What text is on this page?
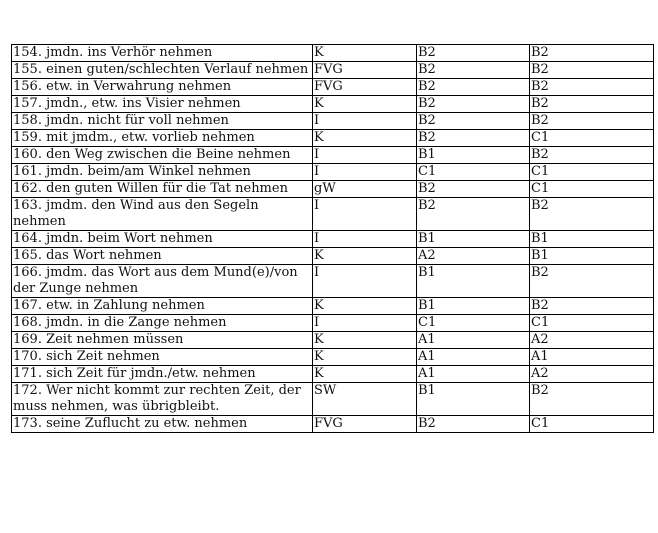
154. jmdn. ins Verhör nehmen	K	B2	B2
155. einen guten/schlechten Verlauf nehmen	FVG	B2	B2
156. etw. in Verwahrung nehmen	FVG	B2	B2
157. jmdn., etw. ins Visier nehmen	K	B2	B2
158. jmdn. nicht für voll nehmen	I	B2	B2
159. mit jmdm., etw. vorlieb nehmen	K	B2	C1
160. den Weg zwischen die Beine nehmen	I	B1	B2
161. jmdn. beim/am Winkel nehmen	I	C1	C1
162. den guten Willen für die Tat nehmen	gW	B2	C1
163. jmdm. den Wind aus den Segeln nehmen	I	B2	B2
164. jmdn. beim Wort nehmen	I	B1	B1
165. das Wort nehmen	K	A2	B1
166. jmdm. das Wort aus dem Mund(e)/von der Zunge nehmen	I	B1	B2
167. etw. in Zahlung nehmen	K	B1	B2
168. jmdn. in die Zange nehmen	I	C1	C1
169. Zeit nehmen müssen	K	A1	A2
170. sich Zeit nehmen	K	A1	A1
171. sich Zeit für jmdn./etw. nehmen	K	A1	A2
172. Wer nicht kommt zur rechten Zeit, der muss nehmen, was übrigbleibt.	SW	B1	B2
173. seine Zuflucht zu etw. nehmen	FVG	B2	C1
